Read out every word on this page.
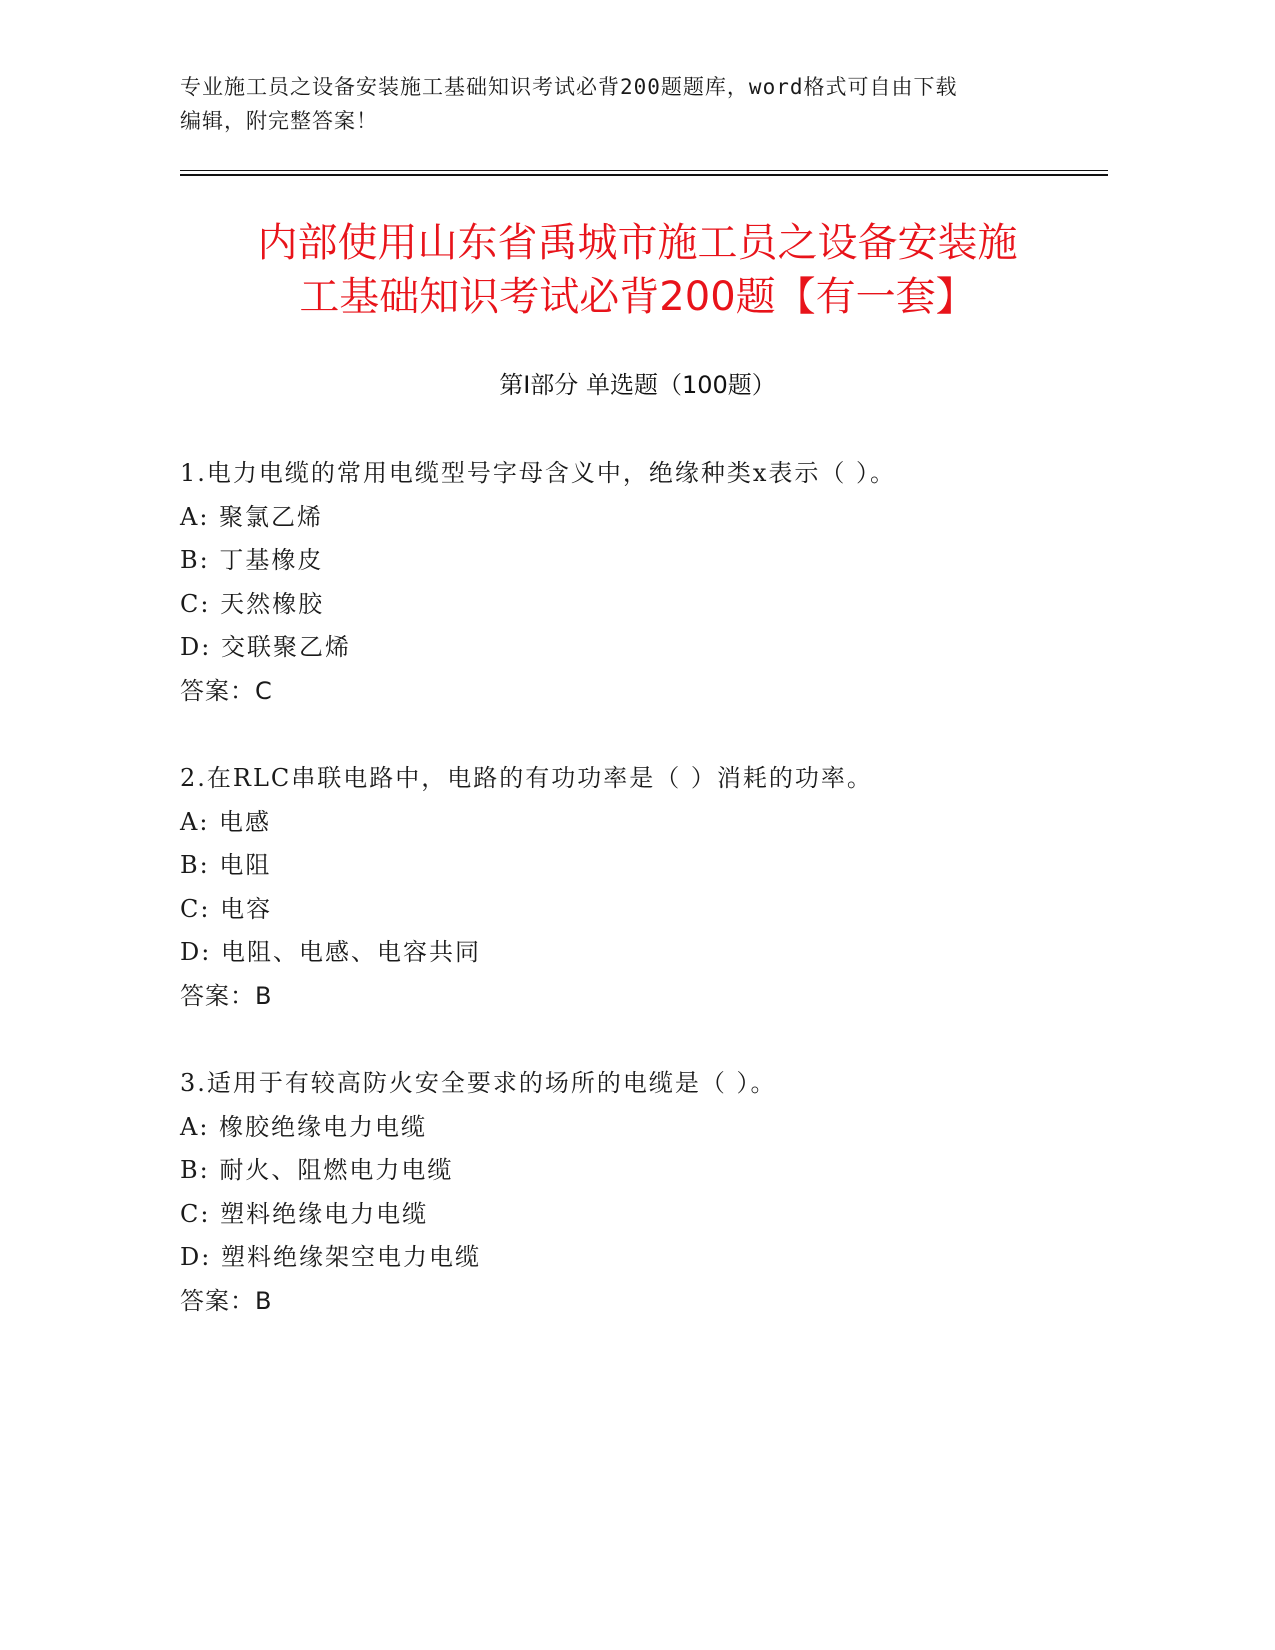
专业施工员之设备安装施工基础知识考试必背200题题库，word格式可自由下载
编辑，附完整答案！
内部使用山东省禹城市施工员之设备安装施
工基础知识考试必背200题【有一套】
第Ⅰ部分 单选题（100题）
1.电力电缆的常用电缆型号字母含义中，绝缘种类x表示（ ）。
A: 聚氯乙烯
B: 丁基橡皮
C: 天然橡胶
D: 交联聚乙烯
答案：C
2.在RLC串联电路中，电路的有功功率是（ ）消耗的功率。
A: 电感
B: 电阻
C: 电容
D: 电阻、电感、电容共同
答案：B
3.适用于有较高防火安全要求的场所的电缆是（ ）。
A: 橡胶绝缘电力电缆
B: 耐火、阻燃电力电缆
C: 塑料绝缘电力电缆
D: 塑料绝缘架空电力电缆
答案：B
